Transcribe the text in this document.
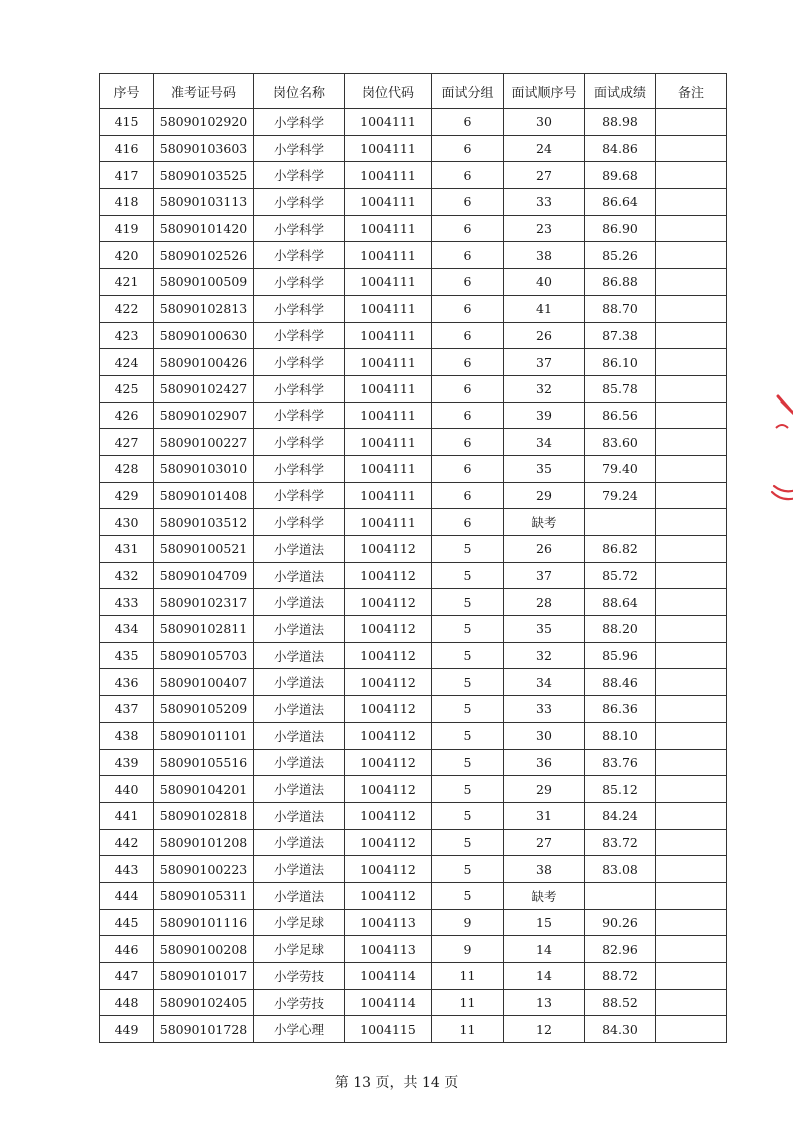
序号	准考证号码	岗位名称	岗位代码	面试分组	面试顺序号	面试成绩	备注
415	58090102920	小学科学	1004111	6	30	88.98	
416	58090103603	小学科学	1004111	6	24	84.86	
417	58090103525	小学科学	1004111	6	27	89.68	
418	58090103113	小学科学	1004111	6	33	86.64	
419	58090101420	小学科学	1004111	6	23	86.90	
420	58090102526	小学科学	1004111	6	38	85.26	
421	58090100509	小学科学	1004111	6	40	86.88	
422	58090102813	小学科学	1004111	6	41	88.70	
423	58090100630	小学科学	1004111	6	26	87.38	
424	58090100426	小学科学	1004111	6	37	86.10	
425	58090102427	小学科学	1004111	6	32	85.78	
426	58090102907	小学科学	1004111	6	39	86.56	
427	58090100227	小学科学	1004111	6	34	83.60	
428	58090103010	小学科学	1004111	6	35	79.40	
429	58090101408	小学科学	1004111	6	29	79.24	
430	58090103512	小学科学	1004111	6	缺考		
431	58090100521	小学道法	1004112	5	26	86.82	
432	58090104709	小学道法	1004112	5	37	85.72	
433	58090102317	小学道法	1004112	5	28	88.64	
434	58090102811	小学道法	1004112	5	35	88.20	
435	58090105703	小学道法	1004112	5	32	85.96	
436	58090100407	小学道法	1004112	5	34	88.46	
437	58090105209	小学道法	1004112	5	33	86.36	
438	58090101101	小学道法	1004112	5	30	88.10	
439	58090105516	小学道法	1004112	5	36	83.76	
440	58090104201	小学道法	1004112	5	29	85.12	
441	58090102818	小学道法	1004112	5	31	84.24	
442	58090101208	小学道法	1004112	5	27	83.72	
443	58090100223	小学道法	1004112	5	38	83.08	
444	58090105311	小学道法	1004112	5	缺考		
445	58090101116	小学足球	1004113	9	15	90.26	
446	58090100208	小学足球	1004113	9	14	82.96	
447	58090101017	小学劳技	1004114	11	14	88.72	
448	58090102405	小学劳技	1004114	11	13	88.52	
449	58090101728	小学心理	1004115	11	12	84.30	
第 13 页，共 14 页
